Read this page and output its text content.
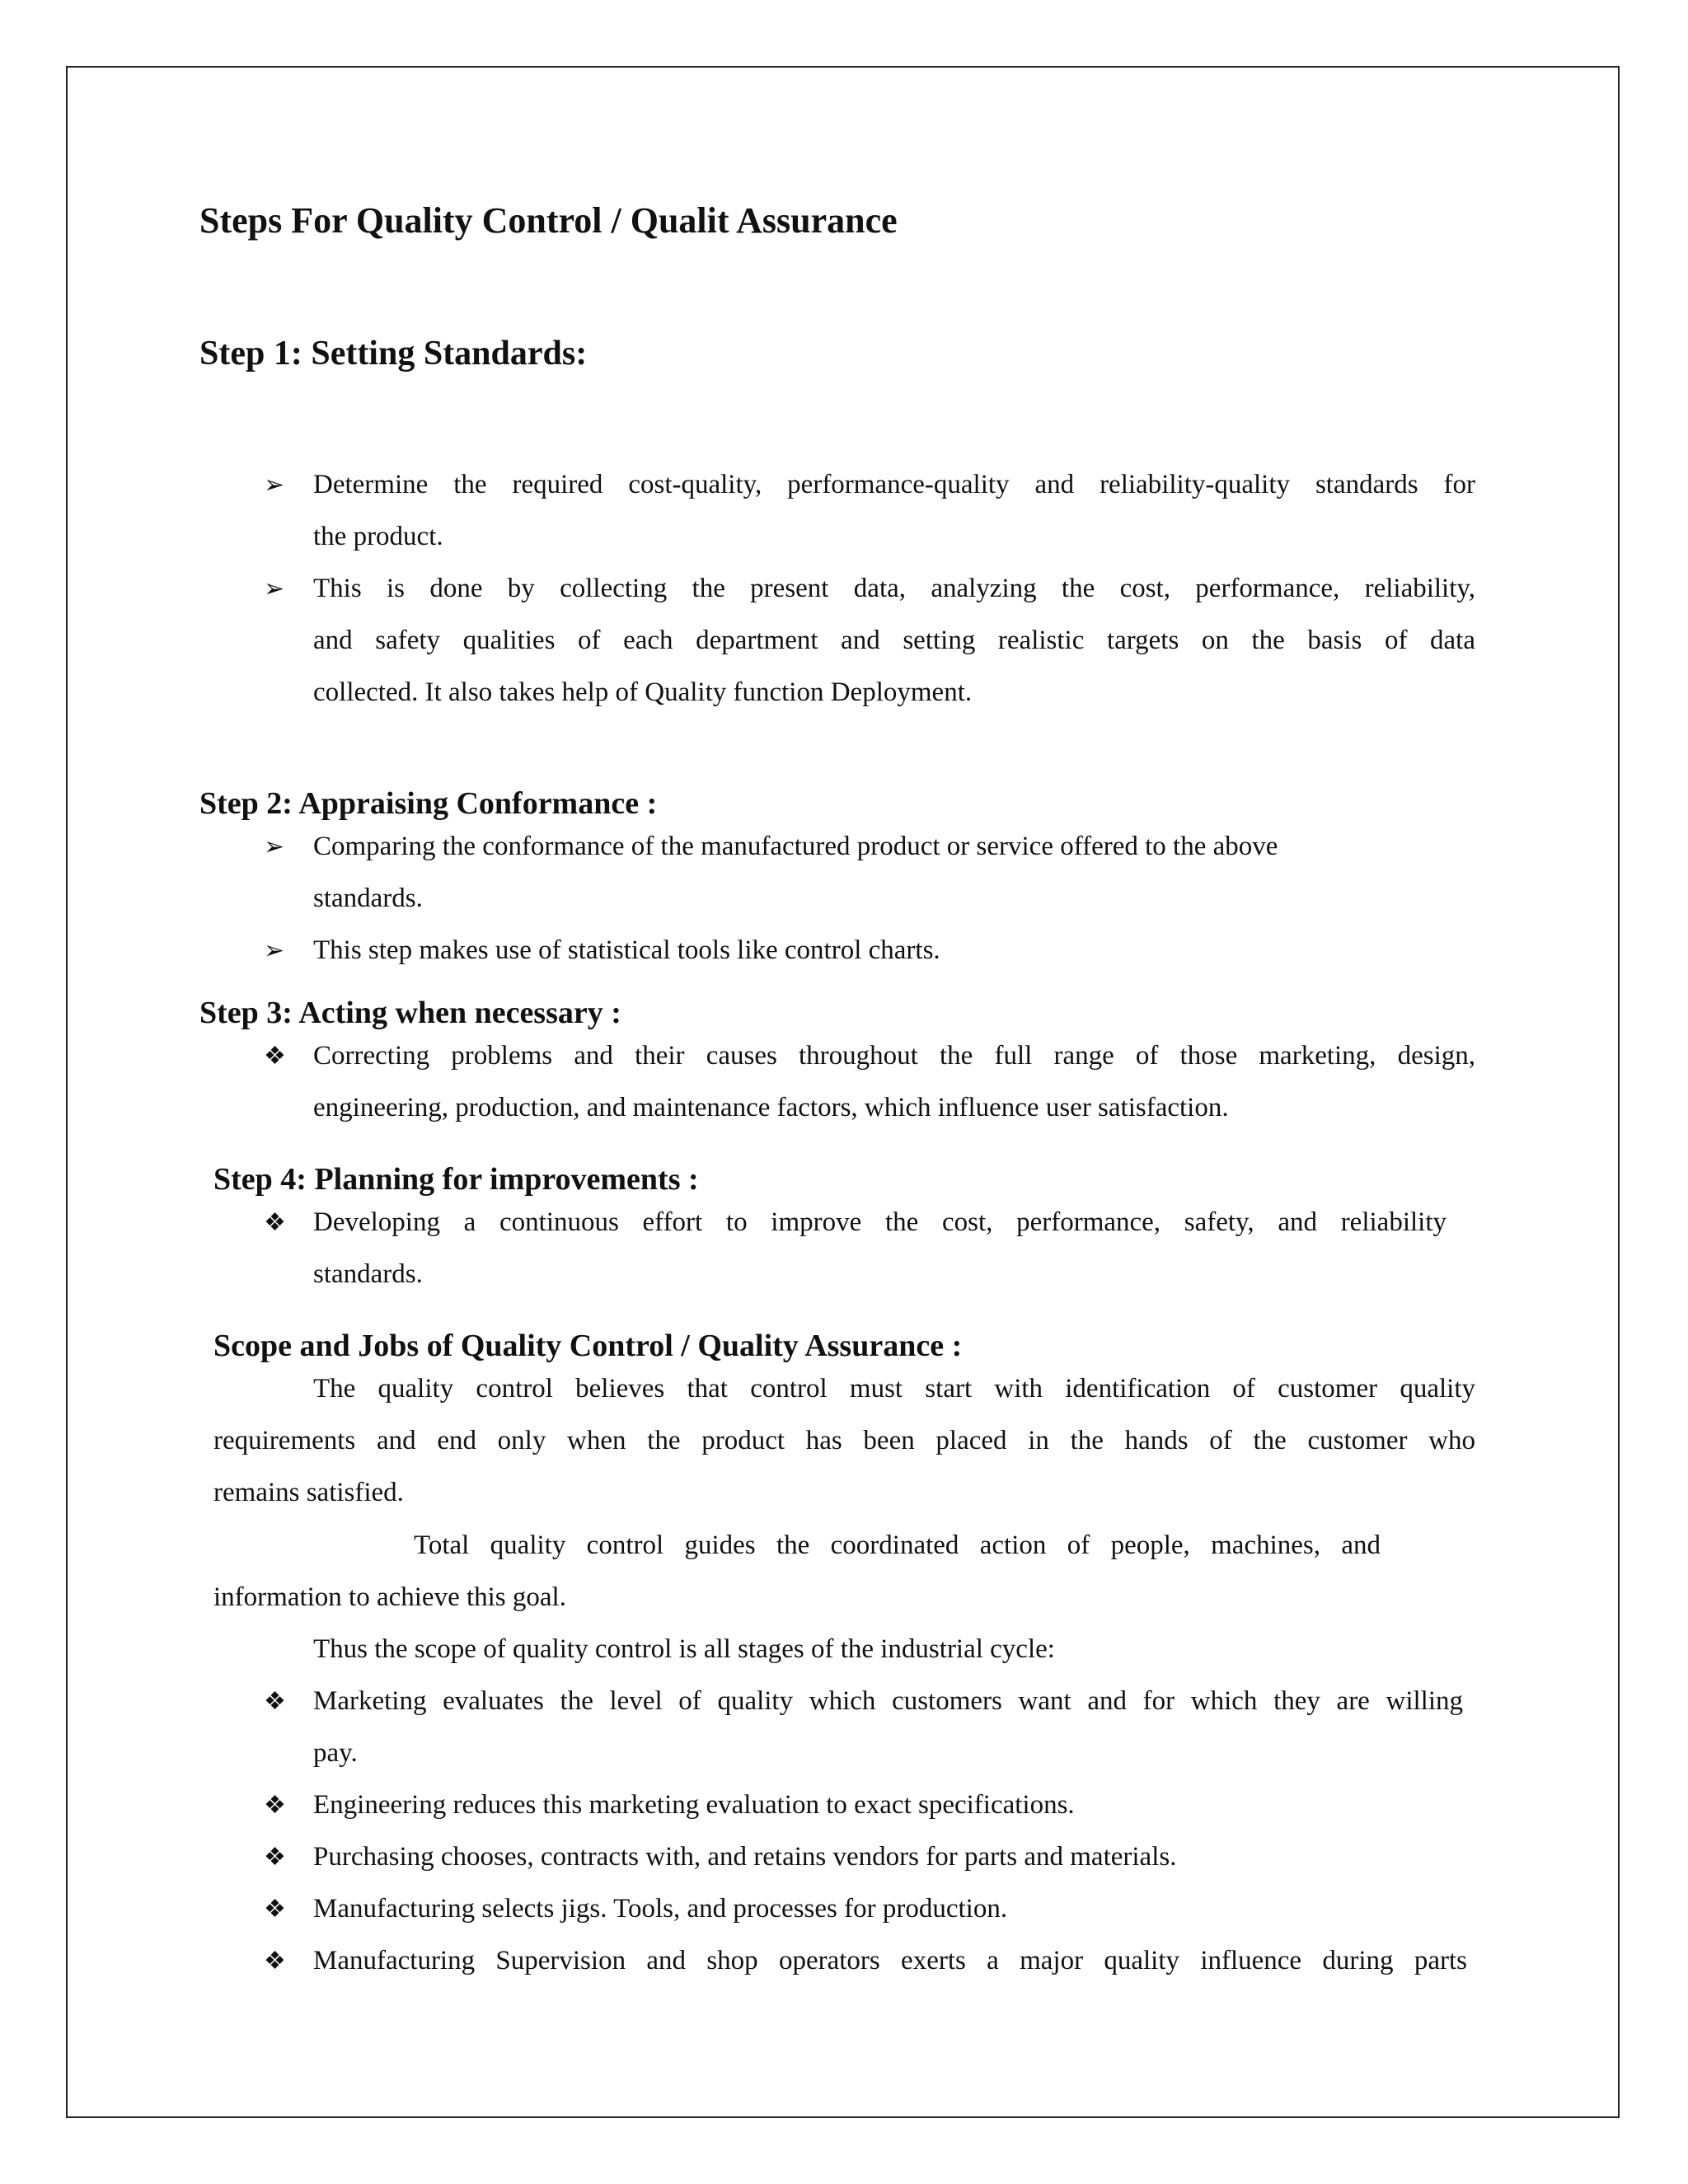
Steps For Quality Control / Qualit Assurance
Step 1: Setting Standards:
➢	Determine the required cost-quality, performance-quality and reliability-quality standards for
the product.
➢	This is done by collecting the present data, analyzing the cost, performance, reliability,
and safety qualities of each department and setting realistic targets on the basis of data
collected. It also takes help of Quality function Deployment.
Step 2: Appraising Conformance :
➢	Comparing the conformance of the manufactured product or service offered to the above
standards.
➢	This step makes use of statistical tools like control charts.
Step 3: Acting when necessary :
❖	Correcting problems and their causes throughout the full range of those marketing, design,
engineering, production, and maintenance factors, which influence user satisfaction.
Step 4: Planning for improvements :
❖	Developing a continuous effort to improve the cost, performance, safety, and reliability
standards.
Scope and Jobs of Quality Control / Quality Assurance :
The quality control believes that control must start with identification of customer quality
requirements and end only when the product has been placed in the hands of the customer who
remains satisfied.
Total quality control guides the coordinated action of people, machines, and
information to achieve this goal.
Thus the scope of quality control is all stages of the industrial cycle:
❖	Marketing evaluates the level of quality which customers want and for which they are willing
pay.
❖	Engineering reduces this marketing evaluation to exact specifications.
❖	Purchasing chooses, contracts with, and retains vendors for parts and materials.
❖	Manufacturing selects jigs. Tools, and processes for production.
❖	Manufacturing Supervision and shop operators exerts a major quality influence during parts
